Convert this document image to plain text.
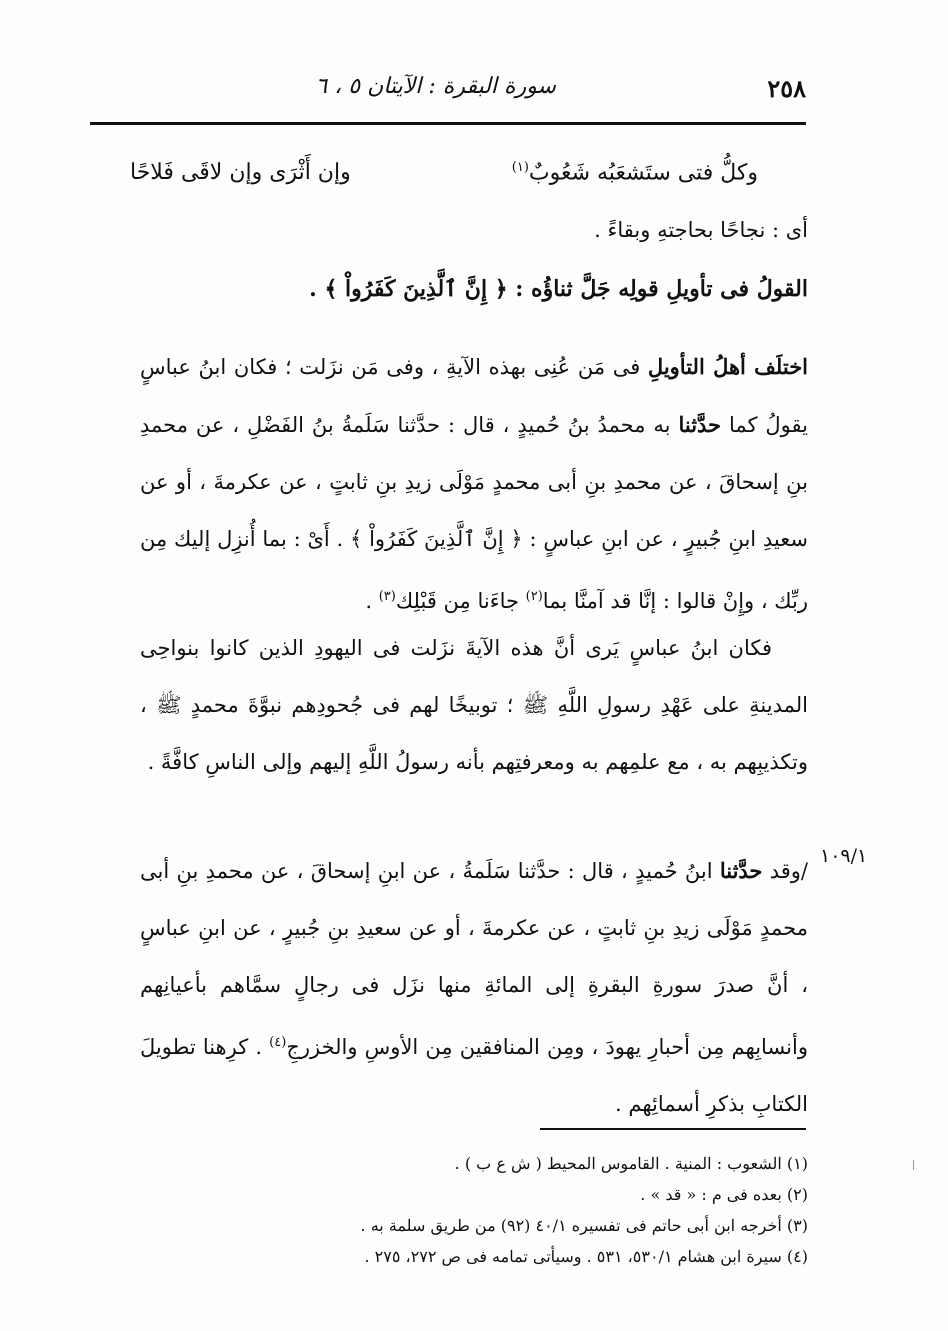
٢٥٨
سورة البقرة : الآيتان ٥ ، ٦
وكلُّ فتى ستَشعَبُه شَعُوبٌ$^{(١)}$
وإن أَثْرَى وإن لاقَى فَلاحًا
أى : نجاحًا بحاجتهِ وبقاءً .
القولُ فى تأويلِ قولِه جَلَّ ثناؤُه : ﴿ إِنَّ ٱلَّذِينَ كَفَرُواْ ﴾ .
اختلَف أهلُ التأويلِ فى مَن عُنِى بهذه الآيةِ ، وفى مَن نزَلت ؛ فكان ابنُ عباسٍ يقولُ كما حدَّثنا به محمدُ بنُ حُميدٍ ، قال : حدَّثنا سَلَمةُ بنُ الفَضْلِ ، عن محمدِ بنِ إسحاقَ ، عن محمدِ بنِ أبى محمدٍ مَوْلَى زيدِ بنِ ثابتٍ ، عن عكرمةَ ، أو عن سعيدِ ابنِ جُبيرٍ ، عن ابنِ عباسٍ : ﴿ إِنَّ ٱلَّذِينَ كَفَرُواْ ﴾ . أَىْ : بما أُنزِل إليك مِن ربِّك ، وإِنْ قالوا : إنَّا قد آمنَّا بما$^{(٢)}$ جاءَنا مِن قَبْلِك$^{(٣)}$ .
فكان ابنُ عباسٍ يَرى أنَّ هذه الآيةَ نزَلت فى اليهودِ الذين كانوا بنواحِى المدينةِ على عَهْدِ رسولِ اللَّهِ ﷺ ؛ توبيخًا لهم فى جُحودِهم نبوَّةَ محمدٍ ﷺ ، وتكذيبِهم به ، مع علمِهم به ومعرفتِهم بأنه رسولُ اللَّهِ إليهم وإلى الناسِ كافَّةً .
١٠٩/١
/وقد حدَّثنا ابنُ حُميدٍ ، قال : حدَّثنا سَلَمةُ ، عن ابنِ إسحاقَ ، عن محمدِ بنِ أبى محمدٍ مَوْلَى زيدِ بنِ ثابتٍ ، عن عكرمةَ ، أو عن سعيدِ بنِ جُبيرٍ ، عن ابنِ عباسٍ ، أنَّ صدرَ سورةِ البقرةِ إلى المائةِ منها نزَل فى رجالٍ سمَّاهم بأعيانِهم وأنسابِهم مِن أحبارِ يهودَ ، ومِن المنافقين مِن الأوسِ والخزرجِ$^{(٤)}$ . كرِهنا تطويلَ الكتابِ بذكرِ أسمائِهم .
(١) الشعوب : المنية . القاموس المحيط ( ش ع ب ) .
(٢) بعده فى م : « قد » .
(٣) أخرجه ابن أبى حاتم فى تفسيره ٤٠/١ (٩٢) من طريق سلمة به .
(٤) سيرة ابن هشام ٥٣٠/١، ٥٣١ . وسيأتى تمامه فى ص ٢٧٢، ٢٧٥ .
